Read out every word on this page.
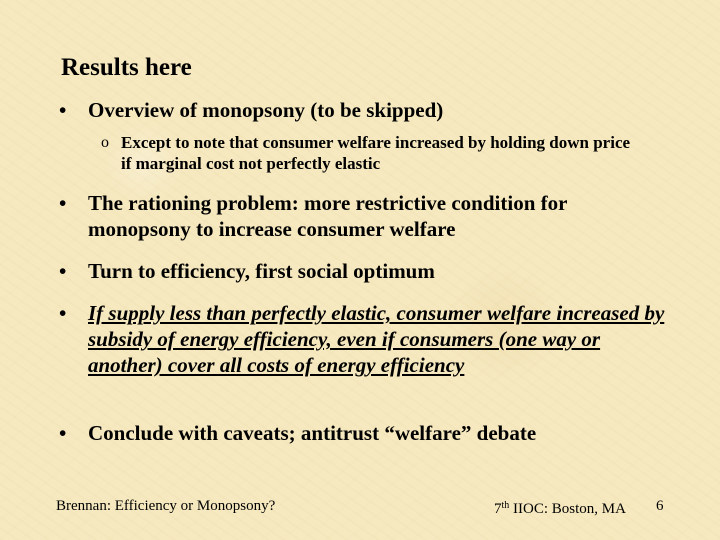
Results here
•	Overview of monopsony (to be skipped)
o Except to note that consumer welfare increased by holding down price if marginal cost not perfectly elastic
•	The rationing problem: more restrictive condition for monopsony to increase consumer welfare
•	Turn to efficiency, first social optimum
•	If supply less than perfectly elastic, consumer welfare increased by subsidy of energy efficiency, even if consumers (one way or another) cover all costs of energy efficiency
•	Conclude with caveats; antitrust “welfare” debate
Brennan: Efficiency or Monopsony?	7th IIOC: Boston, MA 6
